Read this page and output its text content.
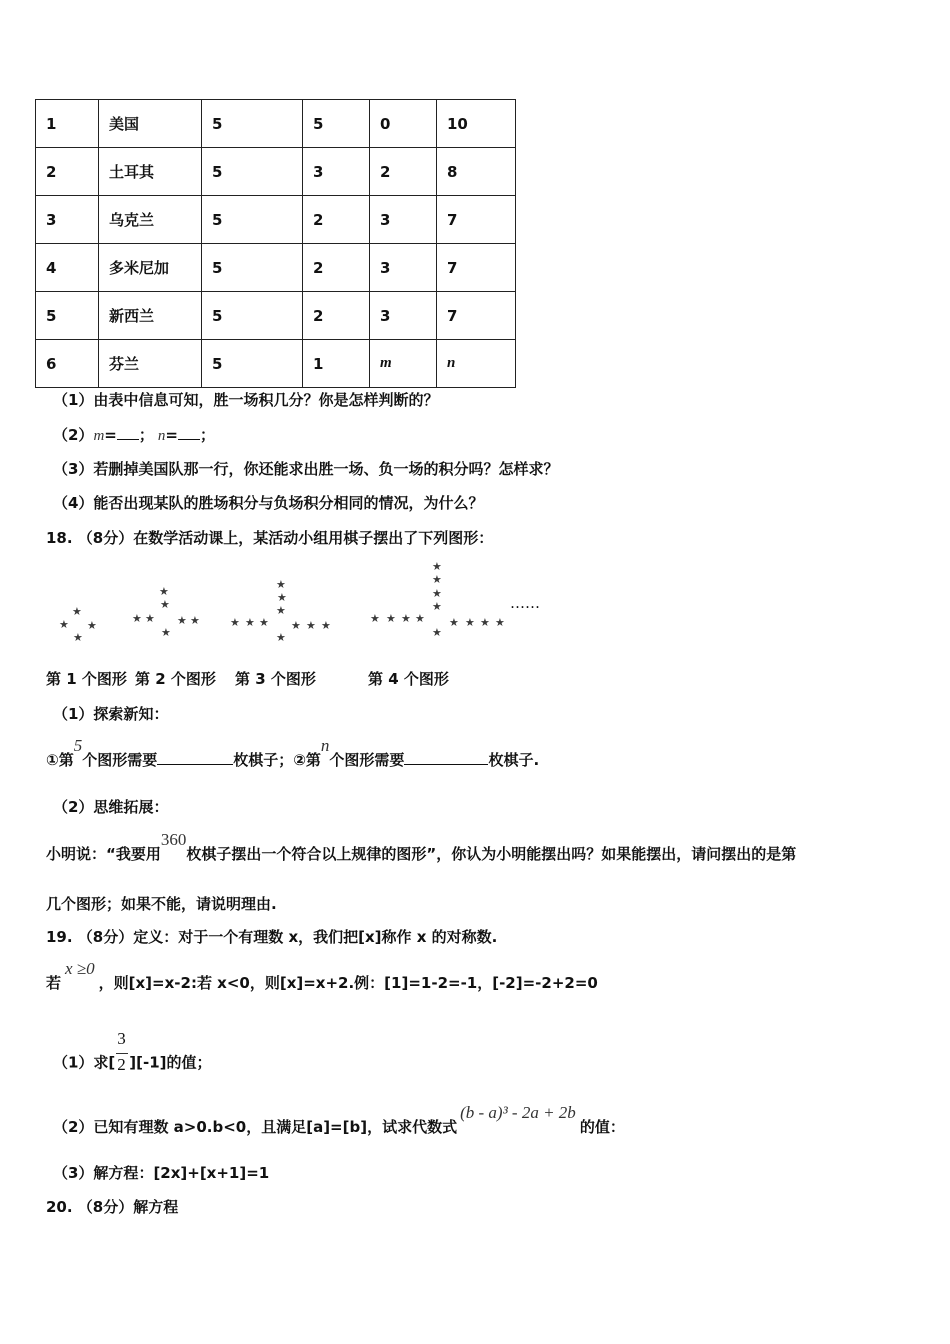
1	美国	5	5	0	10
2	土耳其	5	3	2	8
3	乌克兰	5	2	3	7
4	多米尼加	5	2	3	7
5	新西兰	5	2	3	7
6	芬兰	5	1	m	n
（1）由表中信息可知，胜一场积几分？你是怎样判断的？
（2）m= ； n= ；
（3）若删掉美国队那一行，你还能求出胜一场、负一场的积分吗？怎样求？
（4）能否出现某队的胜场积分与负场积分相同的情况，为什么？
18. （8分）在数学活动课上，某活动小组用棋子摆出了下列图形：
★
★ ★
★
★
★
★ ★ ★ ★
★
★
★
★
★ ★ ★ ★ ★ ★
★
★
★
★
★
★ ★ ★ ★ ★ ★ ★ ★
★
……
第 1 个图形 第 2 个图形 第 3 个图形	第 4 个图形
（1）探索新知：
①第5个图形需要	枚棋子；②第n个图形需要	枚棋子.
（2）思维拓展：
小明说：“我要用360枚棋子摆出一个符合以上规律的图形”，你认为小明能摆出吗？如果能摆出，请问摆出的是第
几个图形；如果不能，请说明理由.
19. （8分）定义：对于一个有理数 x，我们把[x]称作 x 的对称数.
若x ≥0，则[x]=x-2:若 x<0，则[x]=x+2.例：[1]=1-2=-1，[-2]=-2+2=0
（1）求[ $\frac{3}{2} ][-1]$的值；
（2）已知有理数 a>0.b<0，且满足[a]=[b]，试求代数式(b - a)³ - 2a + 2b的值：
（3）解方程：[2x]+[x+1]=1
20. （8分）解方程
